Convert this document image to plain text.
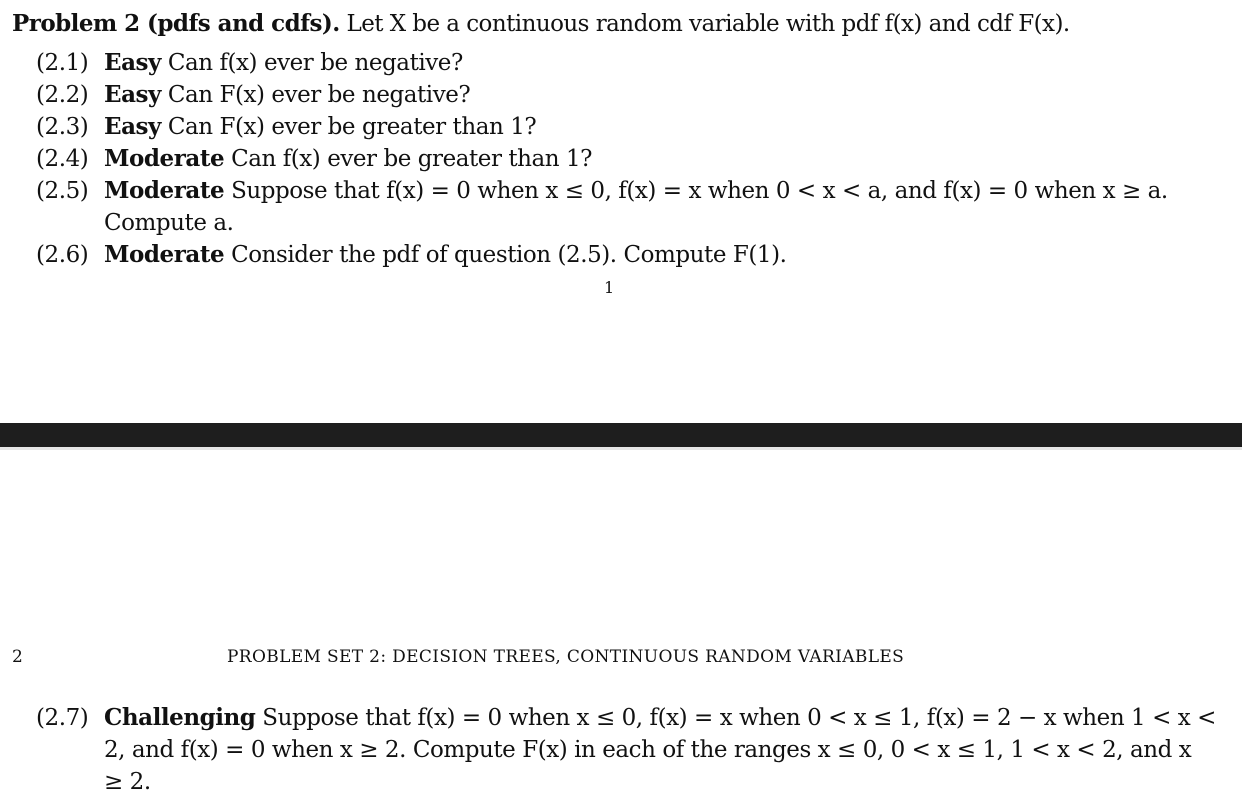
Problem 2 (pdfs and cdfs). Let X be a continuous random variable with pdf f(x) and cdf F(x).
(2.1) Easy Can f(x) ever be negative?
(2.2) Easy Can F(x) ever be negative?
(2.3) Easy Can F(x) ever be greater than 1?
(2.4) Moderate Can f(x) ever be greater than 1?
(2.5) Moderate Suppose that f(x) = 0 when x ≤ 0, f(x) = x when 0 < x < a, and f(x) = 0 when x ≥ a. Compute a.
(2.6) Moderate Consider the pdf of question (2.5). Compute F(1).
1
2	PROBLEM SET 2: DECISION TREES, CONTINUOUS RANDOM VARIABLES
(2.7) Challenging Suppose that f(x) = 0 when x ≤ 0, f(x) = x when 0 < x ≤ 1, f(x) = 2 − x when 1 < x < 2, and f(x) = 0 when x ≥ 2. Compute F(x) in each of the ranges x ≤ 0, 0 < x ≤ 1, 1 < x < 2, and x ≥ 2.
